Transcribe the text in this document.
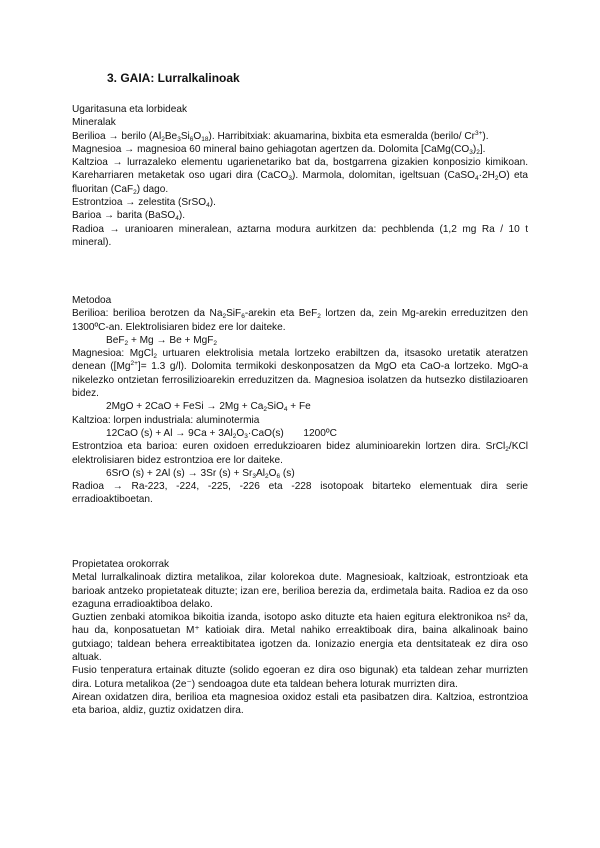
3. GAIA: Lurralkalinoak

Ugaritasuna eta lorbideak

Mineralak

Berilioa → berilo $(Al_2Be_3Si_6O_{18})$. Harribitxiak: akuamarina, bixbita eta esmeralda (berilo/ $Cr^{3+}$).

Magnesioa → magnesioa 60 mineral baino gehiagotan agertzen da. Dolomita $[CaMg(CO_3)_2]$.

Kaltzioa → lurrazaleko elementu ugarienetariko bat da, bostgarrena gizakien konposizio kimikoan. Kareharriaren metaketak oso ugari dira (CaCO$_3$). Marmola, dolomitan, igeltsuan $(CaSO_4\cdot 2H_2O)$ eta fluoritan (CaF$_2$) dago.

Estrontzioa → zelestita (SrSO$_4$).

Barioa → barita (BaSO$_4$).

Radioa → uranioaren mineralean, aztarna modura aurkitzen da: pechblenda (1,2 mg Ra / 10 t mineral).

Metodoa

Berilioa: berilioa berotzen da $Na_2SiF_6$-arekin eta BeF$_2$ lortzen da, zein Mg-arekin erreduzitzen den 1300ºC-an. Elektrolisiaren bidez ere lor daiteke.

BeF$_2$ + Mg → Be + MgF$_2$

Magnesioa: MgCl$_2$ urtuaren elektrolisia metala lortzeko erabiltzen da, itsasoko uretatik ateratzen denean ($[Mg^{2+}]= 1.3$ g/l). Dolomita termikoki deskonposatzen da MgO eta CaO-a lortzeko. MgO-a nikelezko ontzietan ferrosilizioarekin erreduzitzen da. Magnesioa isolatzen da hutsezko distilazioaren bidez.

2MgO + 2CaO + FeSi → $2Mg + Ca_2SiO_4 + Fe$

Kaltzioa: lorpen industriala: aluminotermia

12CaO $(s) + Al \to 9Ca + 3Al_2O_3\cdot CaO(s)$       1200ºC

Estrontzioa eta barioa: euren oxidoen erredukzioaren bidez aluminioarekin lortzen dira. SrCl$_2$/KCl elektrolisiaren bidez estrontzioa ere lor daiteke.

6SrO (s) + 2Al (s) → 3Sr $(s) + Sr_3Al_2O_6$ (s)

Radioa → Ra-223, -224, -225, -226 eta -228 isotopoak bitarteko elementuak dira serie erradioaktiboetan.

Propietatea orokorrak

Metal lurralkalinoak diztira metalikoa, zilar kolorekoa dute. Magnesioak, kaltzioak, estrontzioak eta barioak antzeko propietateak dituzte; izan ere, berilioa berezia da, erdimetala baita. Radioa ez da oso ezaguna erradioaktiboa delako.

Guztien zenbaki atomikoa bikoitia izanda, isotopo asko dituzte eta haien egitura elektronikoa ns² da, hau da, konposatuetan M⁺ katioiak dira. Metal nahiko erreaktiboak dira, baina alkalinoak baino gutxiago; taldean behera erreaktibitatea igotzen da. Ionizazio energia eta dentsitateak ez dira oso altuak.

Fusio tenperatura ertainak dituzte (solido egoeran ez dira oso bigunak) eta taldean zehar murrizten dira. Lotura metalikoa (2e⁻) sendoagoa dute eta taldean behera loturak murrizten dira.

Airean oxidatzen dira, berilioa eta magnesioa oxidoz estali eta pasibatzen dira. Kaltzioa, estrontzioa eta barioa, aldiz, guztiz oxidatzen dira.
